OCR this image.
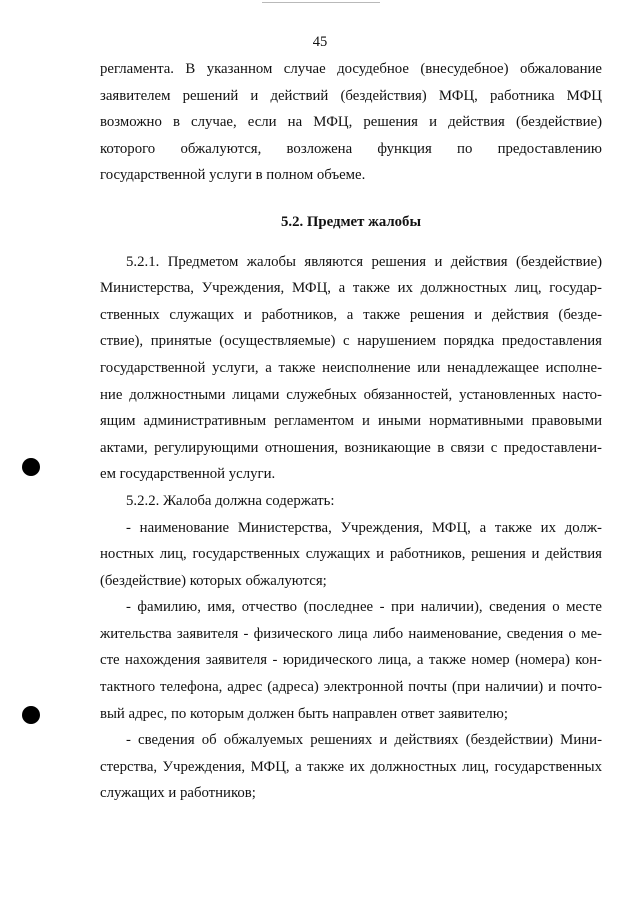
45
регламента. В указанном случае досудебное (внесудебное) обжалование
заявителем решений и действий (бездействия) МФЦ, работника МФЦ
возможно в случае, если на МФЦ, решения и действия (бездействие)
которого обжалуются, возложена функция по предоставлению
государственной услуги в полном объеме.
5.2. Предмет жалобы
5.2.1. Предметом жалобы являются решения и действия (бездействие)
Министерства, Учреждения, МФЦ, а также их должностных лиц, государ-
ственных служащих и работников, а также решения и действия (безде-
ствие), принятые (осуществляемые) с нарушением порядка предоставления
государственной услуги, а также неисполнение или ненадлежащее исполне-
ние должностными лицами служебных обязанностей, установленных насто-
ящим административным регламентом и иными нормативными правовыми
актами, регулирующими отношения, возникающие в связи с предоставлени-
ем государственной услуги.
5.2.2. Жалоба должна содержать:
- наименование Министерства, Учреждения, МФЦ, а также их долж-
ностных лиц, государственных служащих и работников, решения и действия
(бездействие) которых обжалуются;
- фамилию, имя, отчество (последнее - при наличии), сведения о месте
жительства заявителя - физического лица либо наименование, сведения о ме-
сте нахождения заявителя - юридического лица, а также номер (номера) кон-
тактного телефона, адрес (адреса) электронной почты (при наличии) и почто-
вый адрес, по которым должен быть направлен ответ заявителю;
- сведения об обжалуемых решениях и действиях (бездействии) Мини-
стерства, Учреждения, МФЦ, а также их должностных лиц, государственных
служащих и работников;
